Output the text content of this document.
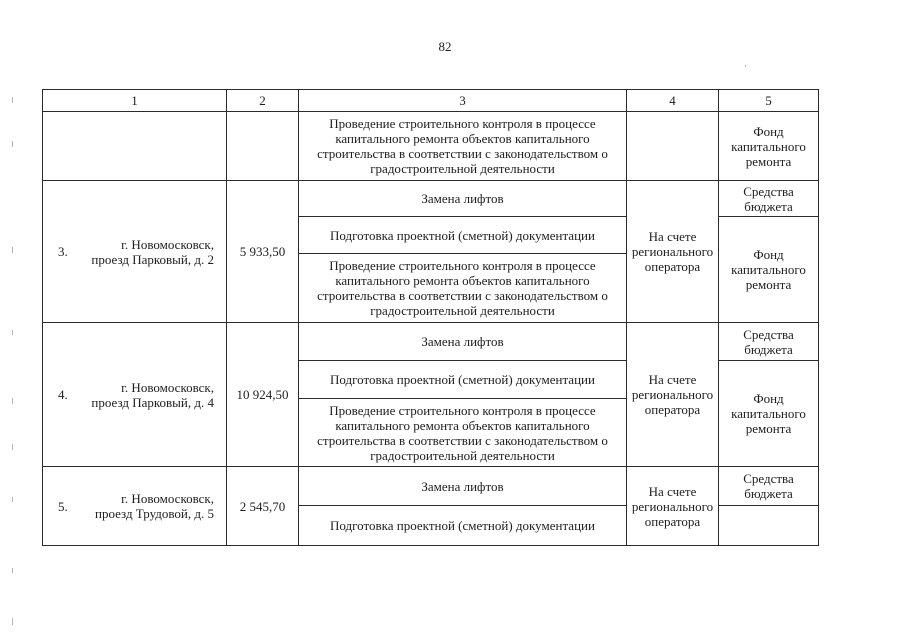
82
1	2	3	4	5
		Проведение строительного контроля в процессе капитального ремонта объектов капитального строительства в соответствии с законодательством о градостроительной деятельности		Фонд капитального ремонта

3. г. Новомосковск,
проезд Парковый, д. 2	5 933,50	Замена лифтов	На счете регионального оператора	Средства бюджета
		Подготовка проектной (сметной) документации		Фонд капитального ремонта
		Проведение строительного контроля в процессе капитального ремонта объектов капитального строительства в соответствии с законодательством о градостроительной деятельности		

4. г. Новомосковск,
проезд Парковый, д. 4	10 924,50	Замена лифтов	На счете регионального оператора	Средства бюджета
		Подготовка проектной (сметной) документации		Фонд капитального ремонта
		Проведение строительного контроля в процессе капитального ремонта объектов капитального строительства в соответствии с законодательством о градостроительной деятельности		

5. г. Новомосковск,
проезд Трудовой, д. 5	2 545,70	Замена лифтов	На счете регионального оператора	Средства бюджета
		Подготовка проектной (сметной) документации		
